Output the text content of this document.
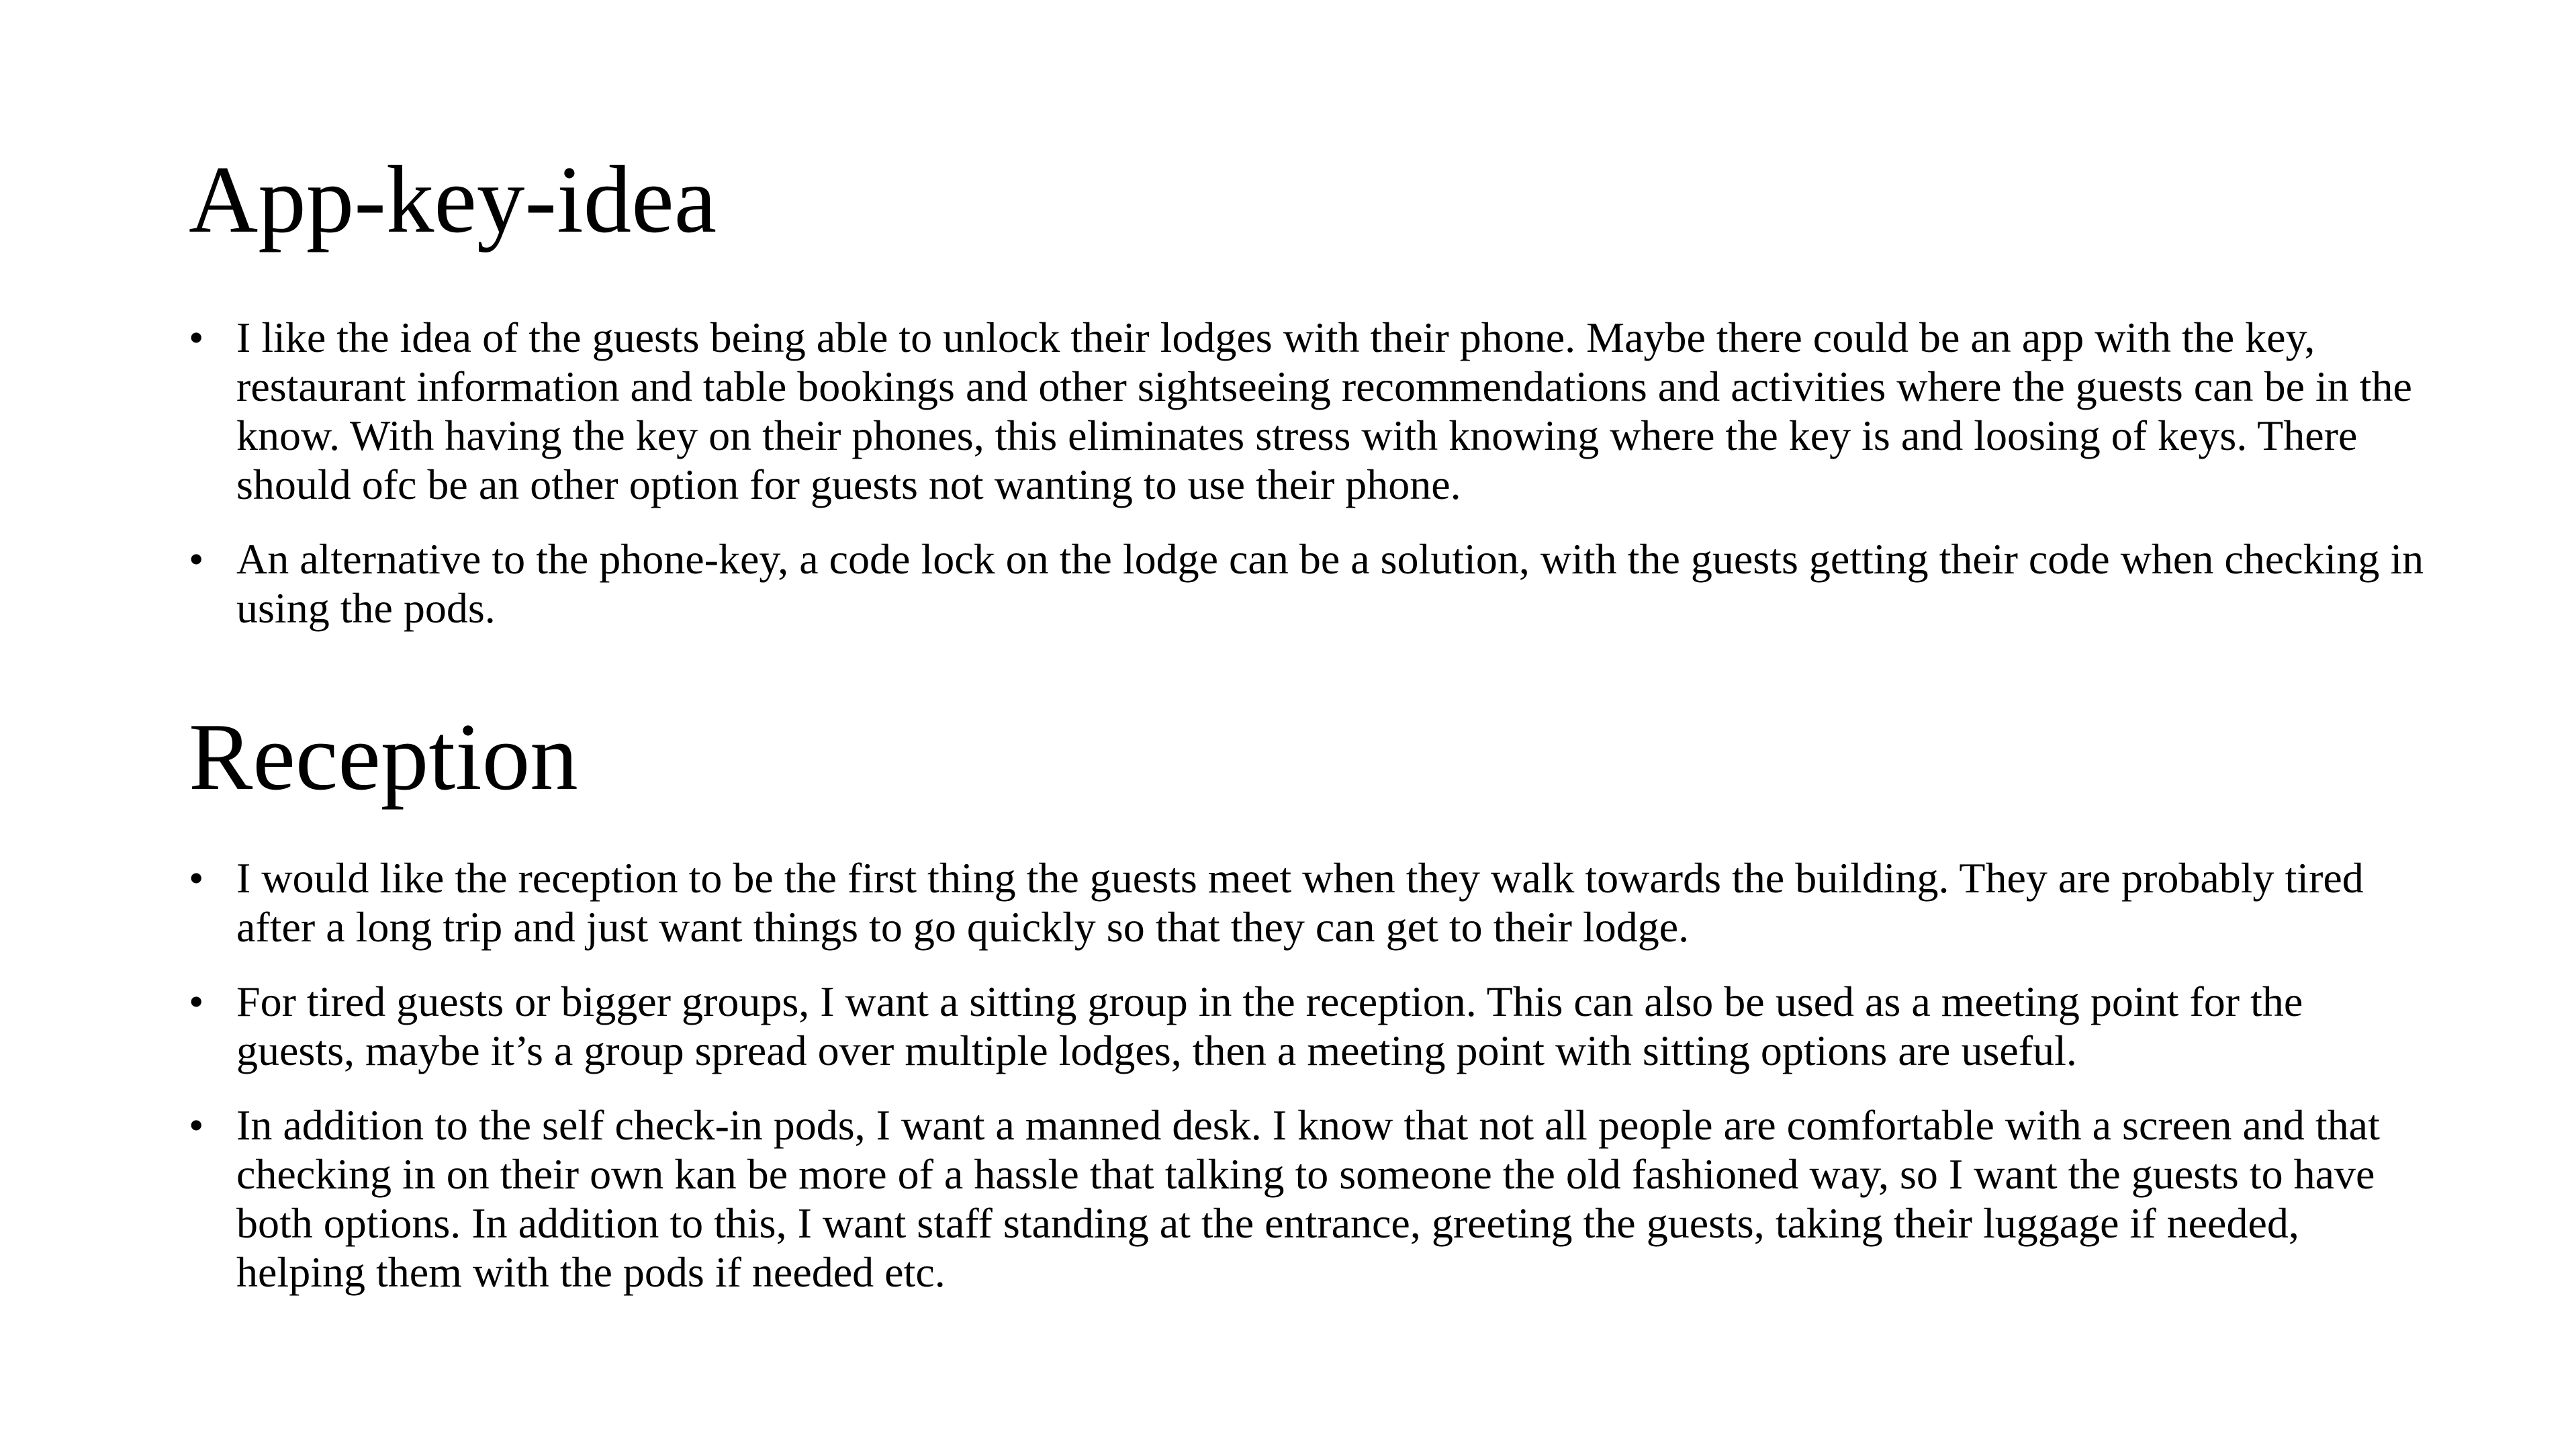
App-key-idea
• I like the idea of the guests being able to unlock their lodges with their phone. Maybe there could be an app with the key, restaurant information and table bookings and other sightseeing recommendations and activities where the guests can be in the know. With having the key on their phones, this eliminates stress with knowing where the key is and loosing of keys. There should ofc be an other option for guests not wanting to use their phone.
• An alternative to the phone-key, a code lock on the lodge can be a solution, with the guests getting their code when checking in using the pods.
Reception
• I would like the reception to be the first thing the guests meet when they walk towards the building. They are probably tired after a long trip and just want things to go quickly so that they can get to their lodge.
• For tired guests or bigger groups, I want a sitting group in the reception. This can also be used as a meeting point for the guests, maybe it’s a group spread over multiple lodges, then a meeting point with sitting options are useful.
• In addition to the self check-in pods, I want a manned desk. I know that not all people are comfortable with a screen and that checking in on their own kan be more of a hassle that talking to someone the old fashioned way, so I want the guests to have both options. In addition to this, I want staff standing at the entrance, greeting the guests, taking their luggage if needed, helping them with the pods if needed etc.
